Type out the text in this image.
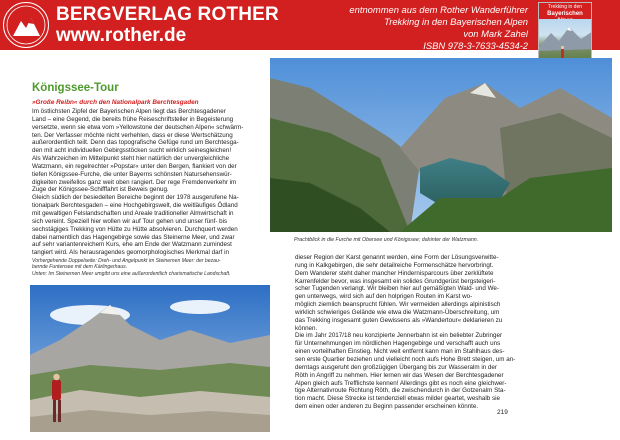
BERGVERLAG ROTHER
www.rother.de
entnommen aus dem Rother Wanderführer
Trekking in den Bayerischen Alpen
von Mark Zahel
ISBN 978-3-7633-4534-2
Trekking in den
Bayerischen
Königssee-Tour
»Große Reibn« durch den Nationalpark Berchtesgaden
Im östlichsten Zipfel der Bayerischen Alpen liegt das Berchtesgadener
Land – eine Gegend, die bereits frühe Reiseschriftsteller in Begeisterung
versetzte, wenn sie etwa vom »Yellowstone der deutschen Alpen« schwärm-
ten. Der Verfasser möchte nicht verhehlen, dass er diese Wertschätzung
außerordentlich teilt. Denn das topografische Gefüge rund um Berchtesga-
den mit acht individuellen Gebirgsstöcken sucht wirklich seinesgleichen!
Als Wahrzeichen im Mittelpunkt steht hier natürlich der unvergleichliche
Watzmann, ein regelrechter »Popstar« unter den Bergen, flankiert von der
tiefen Königssee-Furche, die unter Bayerns schönsten Natursehenswür-
digkeiten zweifellos ganz weit oben rangiert. Der rege Fremdenverkehr im
Zuge der Königssee-Schifffahrt ist Beweis genug.
Gleich südlich der besiedelten Bereiche beginnt der 1978 ausgerufene Na-
tionalpark Berchtesgaden – eine Hochgebirgswelt, die weitläufiges Ödland
mit gewaltigen Felslandschaften und Areale traditioneller Almwirtschaft in
sich vereint. Speziell hier wollen wir auf Tour gehen und unser fünf- bis
sechstägiges Trekking von Hütte zu Hütte absolvieren. Durchquert werden
dabei namentlich das Hagengebirge sowie das Steinerne Meer, und zwar
auf sehr variantenreichem Kurs, ehe am Ende der Watzmann zumindest
tangiert wird. Als herausragendes geomorphologisches Merkmal darf in
Vorhergehende Doppelseite: Dreh- und Angelpunkt im Steinernen Meer: der bezau-
bernde Funtensee mit dem Kärlingerhaus.
Unten: Im Steinernen Meer umgibt uns eine außerordentlich charismatische Landschaft.
Prachtblick in die Furche mit Obersee und Königssee; dahinter der Watzmann.
dieser Region der Karst genannt werden, eine Form der Lösungsverwitte-
rung in Kalkgebirgen, die sehr detailreiche Formenschätze hervorbringt.
Dem Wanderer steht daher mancher Hindernisparcours über zerklüftete
Karrenfelder bevor, was insgesamt ein solides Grundgerüst bergsteigeri-
scher Tugenden verlangt. Wir bleiben hier auf gemäßigten Wald- und We-
gen unterwegs, wird sich auf den holprigen Routen im Karst wo-
möglich ziemlich beansprucht fühlen. Wir vermeiden allerdings alpinistisch
wirklich schwieriges Gelände wie etwa die Watzmann-Überschreitung, um
das Trekking insgesamt guten Gewissens als »Wandertour« deklarieren zu
können.
Die im Jahr 2017/18 neu konzipierte Jennerbahn ist ein beliebter Zubringer
für Unternehmungen im nördlichen Hagengebirge und verschafft auch uns
einen vorteilhaften Einstieg. Nicht weit entfernt kann man im Stahlhaus des-
sen erste Quartier beziehen und vielleicht noch aufs Hohe Brett steigen, um an-
derntags ausgeruht den großzügigen Übergang bis zur Wasseralm in der
Röth in Angriff zu nehmen. Hier lernen wir das Wesen der Berchtesgadener
Alpen gleich aufs Trefflichste kennen! Allerdings gibt es noch eine gleichwer-
tige Alternativroute Richtung Röth, die zwischendurch in der Gotzenalm Sta-
tion macht. Diese Strecke ist tendenziell etwas milder geartet, weshalb sie
dem einen oder anderen zu Beginn passender erscheinen könnte.
219
